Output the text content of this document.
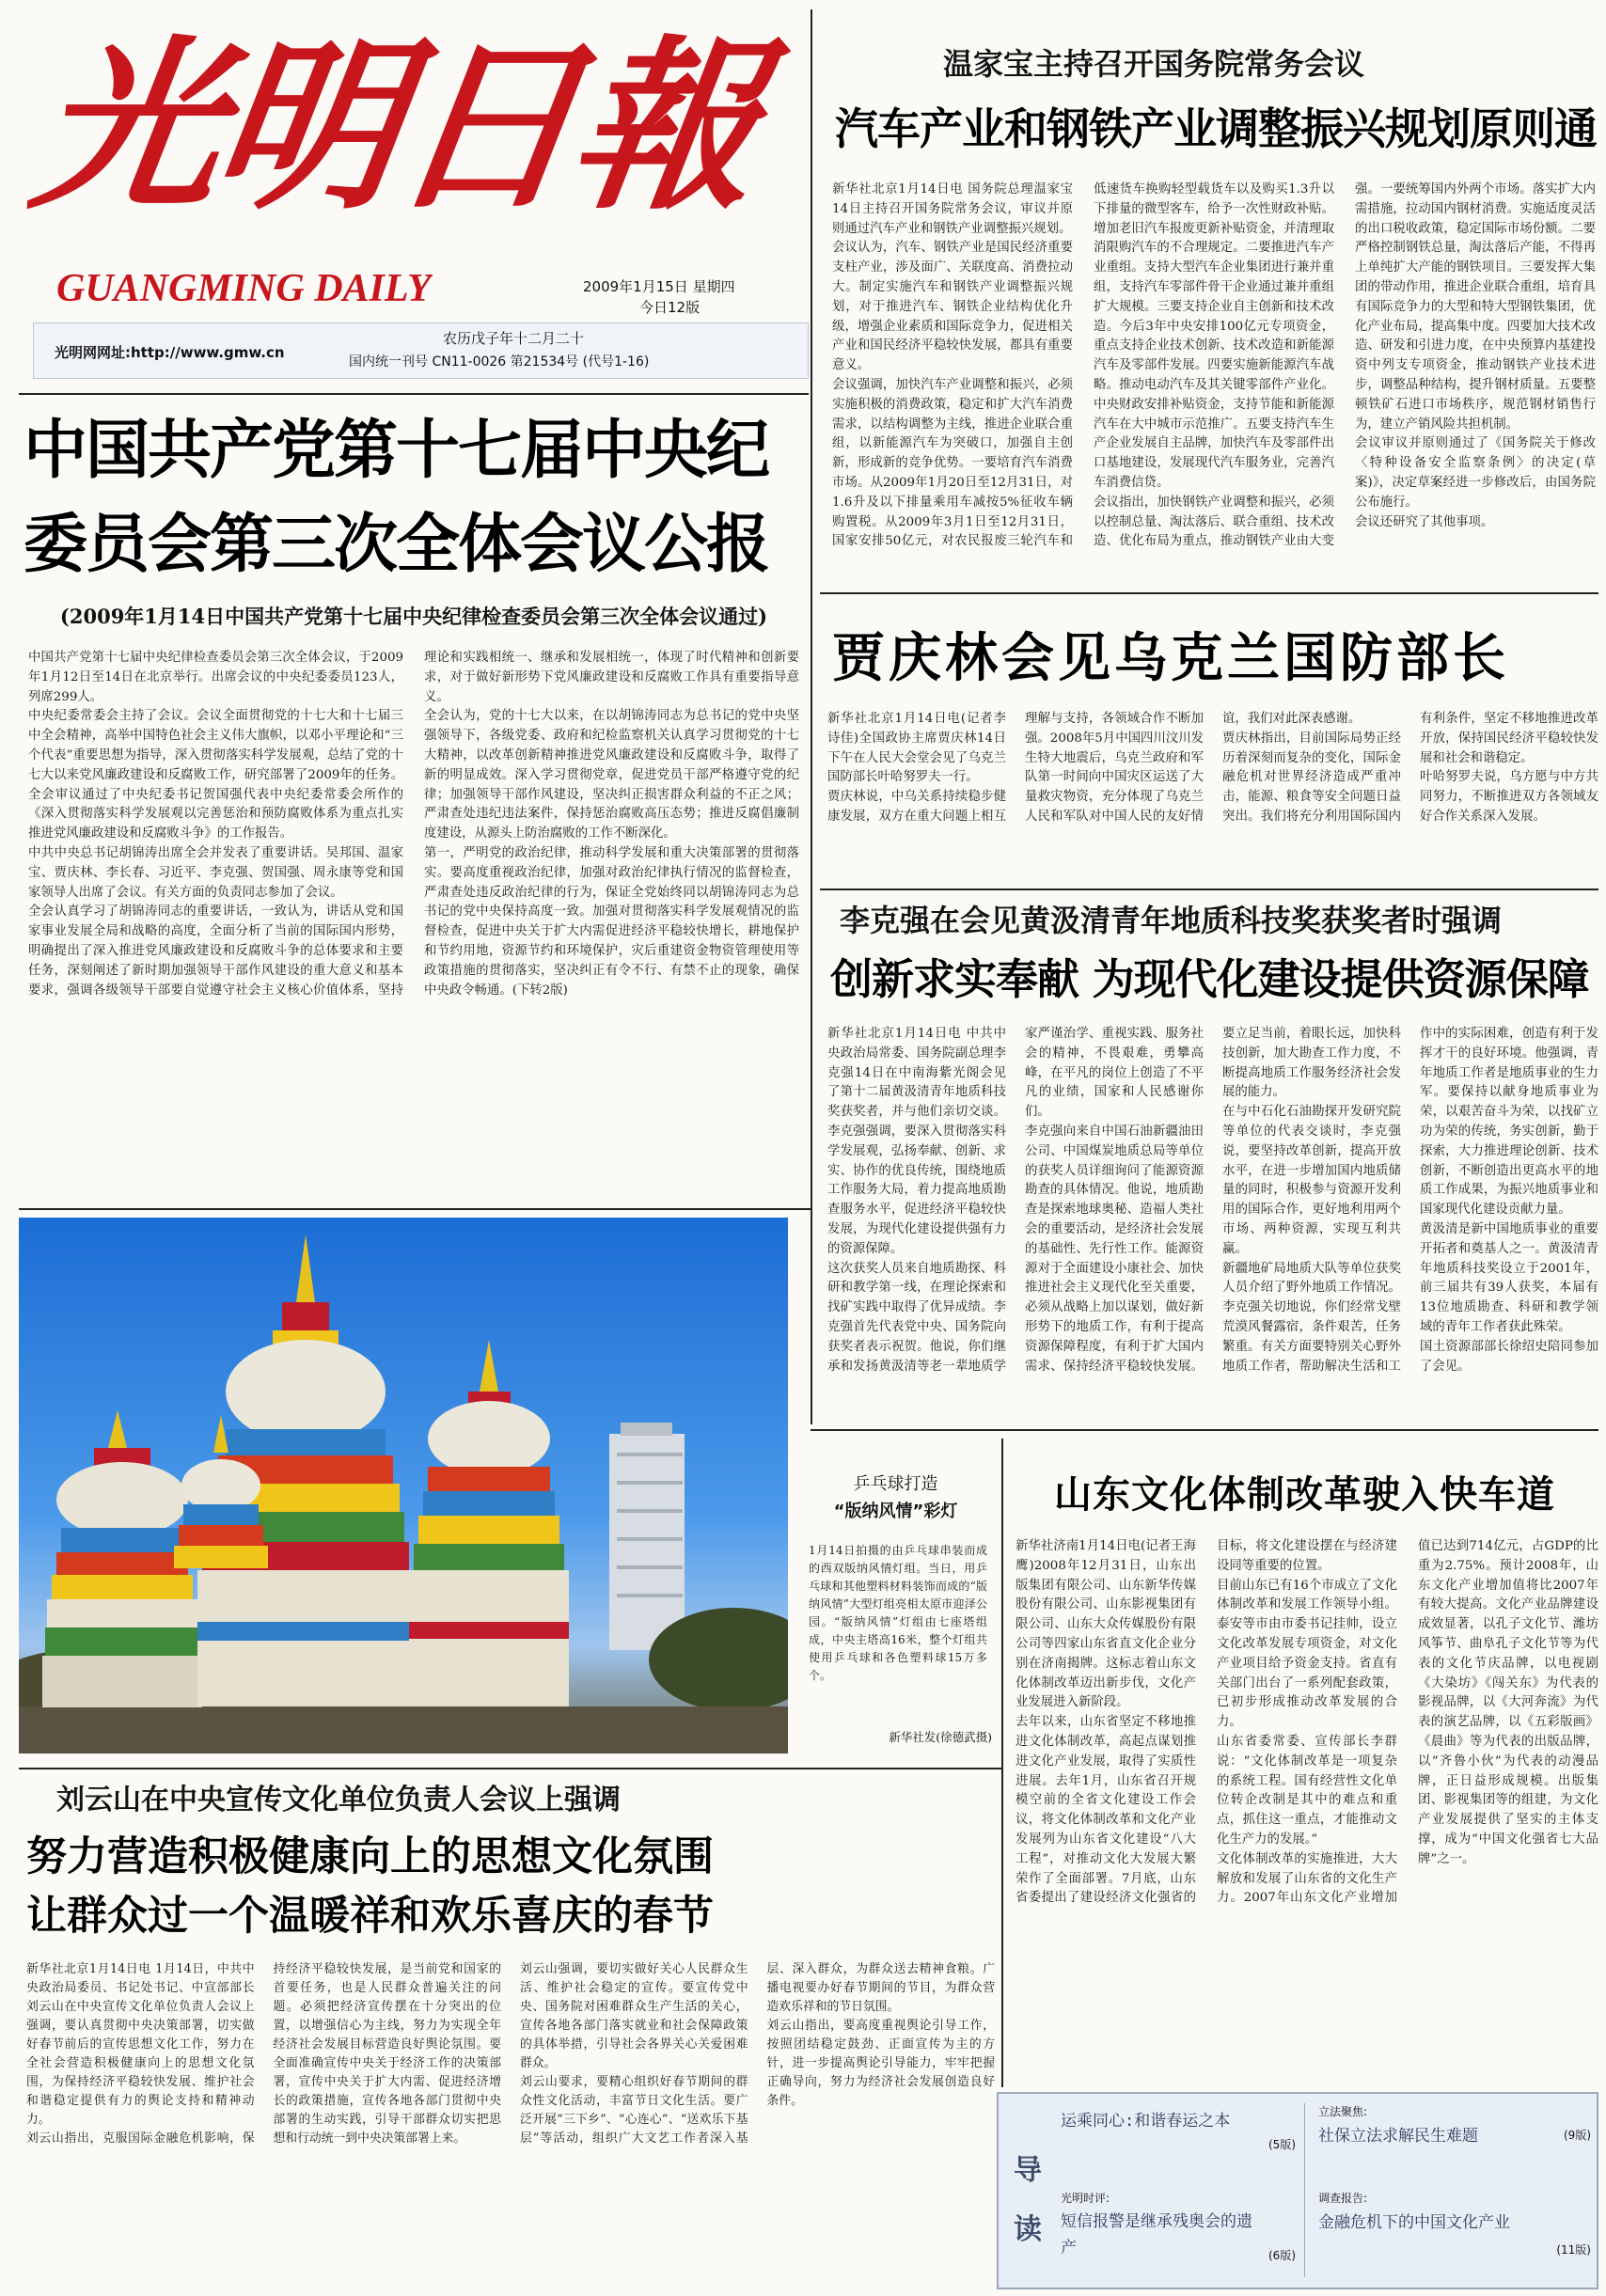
光明日報
GUANGMING DAILY	2009年1月15日 星期四
今日12版
光明网网址:http://www.gmw.cn
农历戊子年十二月二十
国内统一刊号 CN11-0026 第21534号 (代号1-16)
温家宝主持召开国务院常务会议
汽车产业和钢铁产业调整振兴规划原则通
新华社北京1月14日电 国务院总理温家宝14日主持召开国务院常务会议，审议并原则通过汽车产业和钢铁产业调整振兴规划。
会议认为，汽车、钢铁产业是国民经济重要支柱产业，涉及面广、关联度高、消费拉动大。制定实施汽车和钢铁产业调整振兴规划，对于推进汽车、钢铁企业结构优化升级，增强企业素质和国际竞争力，促进相关产业和国民经济平稳较快发展，都具有重要意义。
会议强调，加快汽车产业调整和振兴，必须实施积极的消费政策，稳定和扩大汽车消费需求，以结构调整为主线，推进企业联合重组，以新能源汽车为突破口，加强自主创新，形成新的竞争优势。一要培育汽车消费市场。从2009年1月20日至12月31日，对1.6升及以下排量乘用车减按5%征收车辆购置税。从2009年3月1日至12月31日，国家安排50亿元，对农民报废三轮汽车和低速货车换购轻型载货车以及购买1.3升以下排量的微型客车，给予一次性财政补贴。增加老旧汽车报废更新补贴资金，并清理取消限购汽车的不合理规定。二要推进汽车产业重组。支持大型汽车企业集团进行兼并重组，支持汽车零部件骨干企业通过兼并重组扩大规模。三要支持企业自主创新和技术改造。今后3年中央安排100亿元专项资金，重点支持企业技术创新、技术改造和新能源汽车及零部件发展。四要实施新能源汽车战略。推动电动汽车及其关键零部件产业化。中央财政安排补贴资金，支持节能和新能源汽车在大中城市示范推广。五要支持汽车生产企业发展自主品牌，加快汽车及零部件出口基地建设，发展现代汽车服务业，完善汽车消费信贷。
会议指出，加快钢铁产业调整和振兴，必须以控制总量、淘汰落后、联合重组、技术改造、优化布局为重点，推动钢铁产业由大变强。一要统筹国内外两个市场。落实扩大内需措施，拉动国内钢材消费。实施适度灵活的出口税收政策，稳定国际市场份额。二要严格控制钢铁总量，淘汰落后产能，不得再上单纯扩大产能的钢铁项目。三要发挥大集团的带动作用，推进企业联合重组，培育具有国际竞争力的大型和特大型钢铁集团，优化产业布局，提高集中度。四要加大技术改造、研发和引进力度，在中央预算内基建投资中列支专项资金，推动钢铁产业技术进步，调整品种结构，提升钢材质量。五要整顿铁矿石进口市场秩序，规范钢材销售行为，建立产销风险共担机制。
会议审议并原则通过了《国务院关于修改〈特种设备安全监察条例〉的决定(草案)》，决定草案经进一步修改后，由国务院公布施行。
会议还研究了其他事项。
中国共产党第十七届中央纪
委员会第三次全体会议公报
(2009年1月14日中国共产党第十七届中央纪律检查委员会第三次全体会议通过)
中国共产党第十七届中央纪律检查委员会第三次全体会议，于2009年1月12日至14日在北京举行。出席会议的中央纪委委员123人，列席299人。
中央纪委常委会主持了会议。会议全面贯彻党的十七大和十七届三中全会精神，高举中国特色社会主义伟大旗帜，以邓小平理论和“三个代表”重要思想为指导，深入贯彻落实科学发展观，总结了党的十七大以来党风廉政建设和反腐败工作，研究部署了2009年的任务。全会审议通过了中央纪委书记贺国强代表中央纪委常委会所作的《深入贯彻落实科学发展观以完善惩治和预防腐败体系为重点扎实推进党风廉政建设和反腐败斗争》的工作报告。
中共中央总书记胡锦涛出席全会并发表了重要讲话。吴邦国、温家宝、贾庆林、李长春、习近平、李克强、贺国强、周永康等党和国家领导人出席了会议。有关方面的负责同志参加了会议。
全会认真学习了胡锦涛同志的重要讲话，一致认为，讲话从党和国家事业发展全局和战略的高度，全面分析了当前的国际国内形势，明确提出了深入推进党风廉政建设和反腐败斗争的总体要求和主要任务，深刻阐述了新时期加强领导干部作风建设的重大意义和基本要求，强调各级领导干部要自觉遵守社会主义核心价值体系，坚持理论和实践相统一、继承和发展相统一，体现了时代精神和创新要求，对于做好新形势下党风廉政建设和反腐败工作具有重要指导意义。
全会认为，党的十七大以来，在以胡锦涛同志为总书记的党中央坚强领导下，各级党委、政府和纪检监察机关认真学习贯彻党的十七大精神，以改革创新精神推进党风廉政建设和反腐败斗争，取得了新的明显成效。深入学习贯彻党章，促进党员干部严格遵守党的纪律；加强领导干部作风建设，坚决纠正损害群众利益的不正之风；严肃查处违纪违法案件，保持惩治腐败高压态势；推进反腐倡廉制度建设，从源头上防治腐败的工作不断深化。
第一，严明党的政治纪律，推动科学发展和重大决策部署的贯彻落实。要高度重视政治纪律，加强对政治纪律执行情况的监督检查，严肃查处违反政治纪律的行为，保证全党始终同以胡锦涛同志为总书记的党中央保持高度一致。加强对贯彻落实科学发展观情况的监督检查，促进中央关于扩大内需促进经济平稳较快增长，耕地保护和节约用地，资源节约和环境保护，灾后重建资金物资管理使用等政策措施的贯彻落实，坚决纠正有令不行、有禁不止的现象，确保中央政令畅通。(下转2版)
贾庆林会见乌克兰国防部长
新华社北京1月14日电(记者李诗佳)全国政协主席贾庆林14日下午在人民大会堂会见了乌克兰国防部长叶哈努罗夫一行。
贾庆林说，中乌关系持续稳步健康发展，双方在重大问题上相互理解与支持，各领域合作不断加强。2008年5月中国四川汶川发生特大地震后，乌克兰政府和军队第一时间向中国灾区运送了大量救灾物资，充分体现了乌克兰人民和军队对中国人民的友好情谊，我们对此深表感谢。
贾庆林指出，目前国际局势正经历着深刻而复杂的变化，国际金融危机对世界经济造成严重冲击，能源、粮食等安全问题日益突出。我们将充分利用国际国内有利条件，坚定不移地推进改革开放，保持国民经济平稳较快发展和社会和谐稳定。
叶哈努罗夫说，乌方愿与中方共同努力，不断推进双方各领域友好合作关系深入发展。
李克强在会见黄汲清青年地质科技奖获奖者时强调
创新求实奉献 为现代化建设提供资源保障
新华社北京1月14日电 中共中央政治局常委、国务院副总理李克强14日在中南海紫光阁会见了第十二届黄汲清青年地质科技奖获奖者，并与他们亲切交谈。李克强强调，要深入贯彻落实科学发展观，弘扬奉献、创新、求实、协作的优良传统，围绕地质工作服务大局，着力提高地质勘查服务水平，促进经济平稳较快发展，为现代化建设提供强有力的资源保障。
这次获奖人员来自地质勘探、科研和教学第一线，在理论探索和找矿实践中取得了优异成绩。李克强首先代表党中央、国务院向获奖者表示祝贺。他说，你们继承和发扬黄汲清等老一辈地质学家严谨治学、重视实践、服务社会的精神，不畏艰难，勇攀高峰，在平凡的岗位上创造了不平凡的业绩，国家和人民感谢你们。
李克强向来自中国石油新疆油田公司、中国煤炭地质总局等单位的获奖人员详细询问了能源资源勘查的具体情况。他说，地质勘查是探索地球奥秘、造福人类社会的重要活动，是经济社会发展的基础性、先行性工作。能源资源对于全面建设小康社会、加快推进社会主义现代化至关重要，必须从战略上加以谋划，做好新形势下的地质工作，有利于提高资源保障程度，有利于扩大国内需求、保持经济平稳较快发展。要立足当前，着眼长远，加快科技创新，加大勘查工作力度，不断提高地质工作服务经济社会发展的能力。
在与中石化石油勘探开发研究院等单位的代表交谈时，李克强说，要坚持改革创新，提高开放水平，在进一步增加国内地质储量的同时，积极参与资源开发利用的国际合作，更好地利用两个市场、两种资源，实现互利共赢。
新疆地矿局地质大队等单位获奖人员介绍了野外地质工作情况。李克强关切地说，你们经常戈壁荒漠风餐露宿，条件艰苦，任务繁重。有关方面要特别关心野外地质工作者，帮助解决生活和工作中的实际困难，创造有利于发挥才干的良好环境。他强调，青年地质工作者是地质事业的生力军。要保持以献身地质事业为荣，以艰苦奋斗为荣，以找矿立功为荣的传统，务实创新，勤于探索，大力推进理论创新、技术创新，不断创造出更高水平的地质工作成果，为振兴地质事业和国家现代化建设贡献力量。
黄汲清是新中国地质事业的重要开拓者和奠基人之一。黄汲清青年地质科技奖设立于2001年，前三届共有39人获奖，本届有13位地质勘查、科研和教学领域的青年工作者获此殊荣。
国土资源部部长徐绍史陪同参加了会见。
乒乓球打造
“版纳风情”彩灯
1月14日拍摄的由乒乓球串装而成的西双版纳风情灯组。当日，用乒乓球和其他塑料材料装饰而成的“版纳风情”大型灯组亮相太原市迎泽公园。“版纳风情”灯组由七座塔组成，中央主塔高16米，整个灯组共使用乒乓球和各色塑料球15万多个。
新华社发(徐德武摄)
山东文化体制改革驶入快车道
新华社济南1月14日电(记者王海鹰)2008年12月31日，山东出版集团有限公司、山东新华传媒股份有限公司、山东影视集团有限公司、山东大众传媒股份有限公司等四家山东省直文化企业分别在济南揭牌。这标志着山东文化体制改革迈出新步伐，文化产业发展进入新阶段。
去年以来，山东省坚定不移地推进文化体制改革，高起点谋划推进文化产业发展，取得了实质性进展。去年1月，山东省召开规模空前的全省文化建设工作会议，将文化体制改革和文化产业发展列为山东省文化建设“八大工程”，对推动文化大发展大繁荣作了全面部署。7月底，山东省委提出了建设经济文化强省的目标，将文化建设摆在与经济建设同等重要的位置。
目前山东已有16个市成立了文化体制改革和发展工作领导小组。泰安等市由市委书记挂帅，设立文化改革发展专项资金，对文化产业项目给予资金支持。省直有关部门出台了一系列配套政策，已初步形成推动改革发展的合力。
山东省委常委、宣传部长李群说：“文化体制改革是一项复杂的系统工程。国有经营性文化单位转企改制是其中的难点和重点，抓住这一重点，才能推动文化生产力的发展。”
文化体制改革的实施推进，大大解放和发展了山东省的文化生产力。2007年山东文化产业增加值已达到714亿元，占GDP的比重为2.75%。预计2008年，山东文化产业增加值将比2007年有较大提高。文化产业品牌建设成效显著，以孔子文化节、潍坊风筝节、曲阜孔子文化节等为代表的文化节庆品牌，以电视剧《大染坊》《闯关东》为代表的影视品牌，以《大河奔流》为代表的演艺品牌，以《五彩版画》《晨曲》等为代表的出版品牌，以“齐鲁小伙”为代表的动漫品牌，正日益形成规模。出版集团、影视集团等的组建，为文化产业发展提供了坚实的主体支撑，成为“中国文化强省七大品牌”之一。
刘云山在中央宣传文化单位负责人会议上强调
努力营造积极健康向上的思想文化氛围
让群众过一个温暖祥和欢乐喜庆的春节
新华社北京1月14日电 1月14日，中共中央政治局委员、书记处书记、中宣部部长刘云山在中央宣传文化单位负责人会议上强调，要认真贯彻中央决策部署，切实做好春节前后的宣传思想文化工作，努力在全社会营造积极健康向上的思想文化氛围，为保持经济平稳较快发展、维护社会和谐稳定提供有力的舆论支持和精神动力。
刘云山指出，克服国际金融危机影响，保持经济平稳较快发展，是当前党和国家的首要任务，也是人民群众普遍关注的问题。必须把经济宣传摆在十分突出的位置，以增强信心为主线，努力为实现全年经济社会发展目标营造良好舆论氛围。要全面准确宣传中央关于经济工作的决策部署，宣传中央关于扩大内需、促进经济增长的政策措施，宣传各地各部门贯彻中央部署的生动实践，引导干部群众切实把思想和行动统一到中央决策部署上来。
刘云山强调，要切实做好关心人民群众生活、维护社会稳定的宣传。要宣传党中央、国务院对困难群众生产生活的关心，宣传各地各部门落实就业和社会保障政策的具体举措，引导社会各界关心关爱困难群众。
刘云山要求，要精心组织好春节期间的群众性文化活动，丰富节日文化生活。要广泛开展“三下乡”、“心连心”、“送欢乐下基层”等活动，组织广大文艺工作者深入基层、深入群众，为群众送去精神食粮。广播电视要办好春节期间的节目，为群众营造欢乐祥和的节日氛围。
刘云山指出，要高度重视舆论引导工作，按照团结稳定鼓劲、正面宣传为主的方针，进一步提高舆论引导能力，牢牢把握正确导向，努力为经济社会发展创造良好条件。
导
读
运乘同心:和谐春运之本
(5版)
光明时评:
短信报警是继承残奥会的遗产	(6版)
立法聚焦:
社保立法求解民生难题	(9版)
调查报告:
金融危机下的中国文化产业
(11版)
